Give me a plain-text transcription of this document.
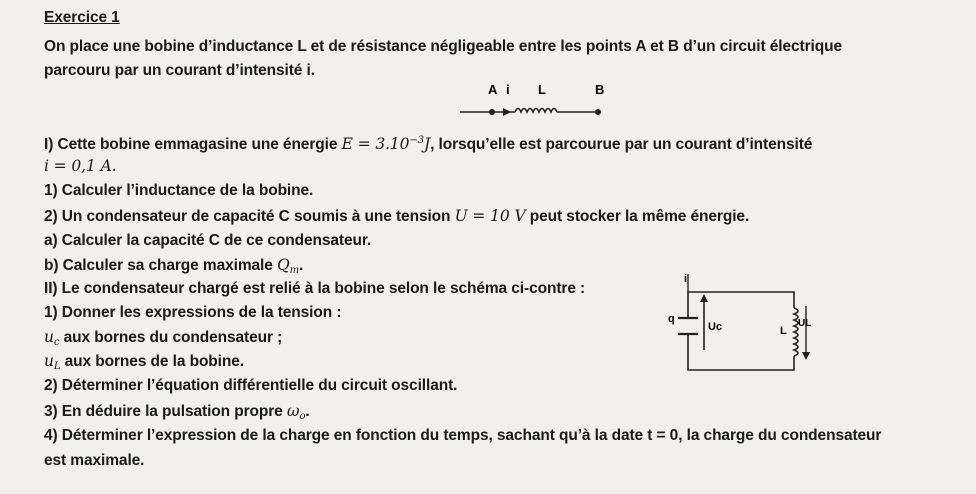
Exercice 1
On place une bobine d’inductance L et de résistance négligeable entre les points A et B d’un circuit électrique
parcouru par un courant d’intensité i.
A i L	B
I) Cette bobine emmagasine une énergie $E = 3.10^{-3}J$, lorsqu’elle est parcourue par un courant d’intensité
i = 0,1 A.
1) Calculer l’inductance de la bobine.
2) Un condensateur de capacité C soumis à une tension U = 10 V peut stocker la même énergie.
a) Calculer la capacité C de ce condensateur.
b) Calculer sa charge maximale $Q_m$.
II) Le condensateur chargé est relié à la bobine selon le schéma ci-contre :
1) Donner les expressions de la tension :
$u_c$ aux bornes du condensateur ;
$u_L$ aux bornes de la bobine.
2) Déterminer l’équation différentielle du circuit oscillant.
3) En déduire la pulsation propre $\omega_o$.
4) Déterminer l’expression de la charge en fonction du temps, sachant qu’à la date t = 0, la charge du condensateur
est maximale.
i
q
Uc	L
UL
